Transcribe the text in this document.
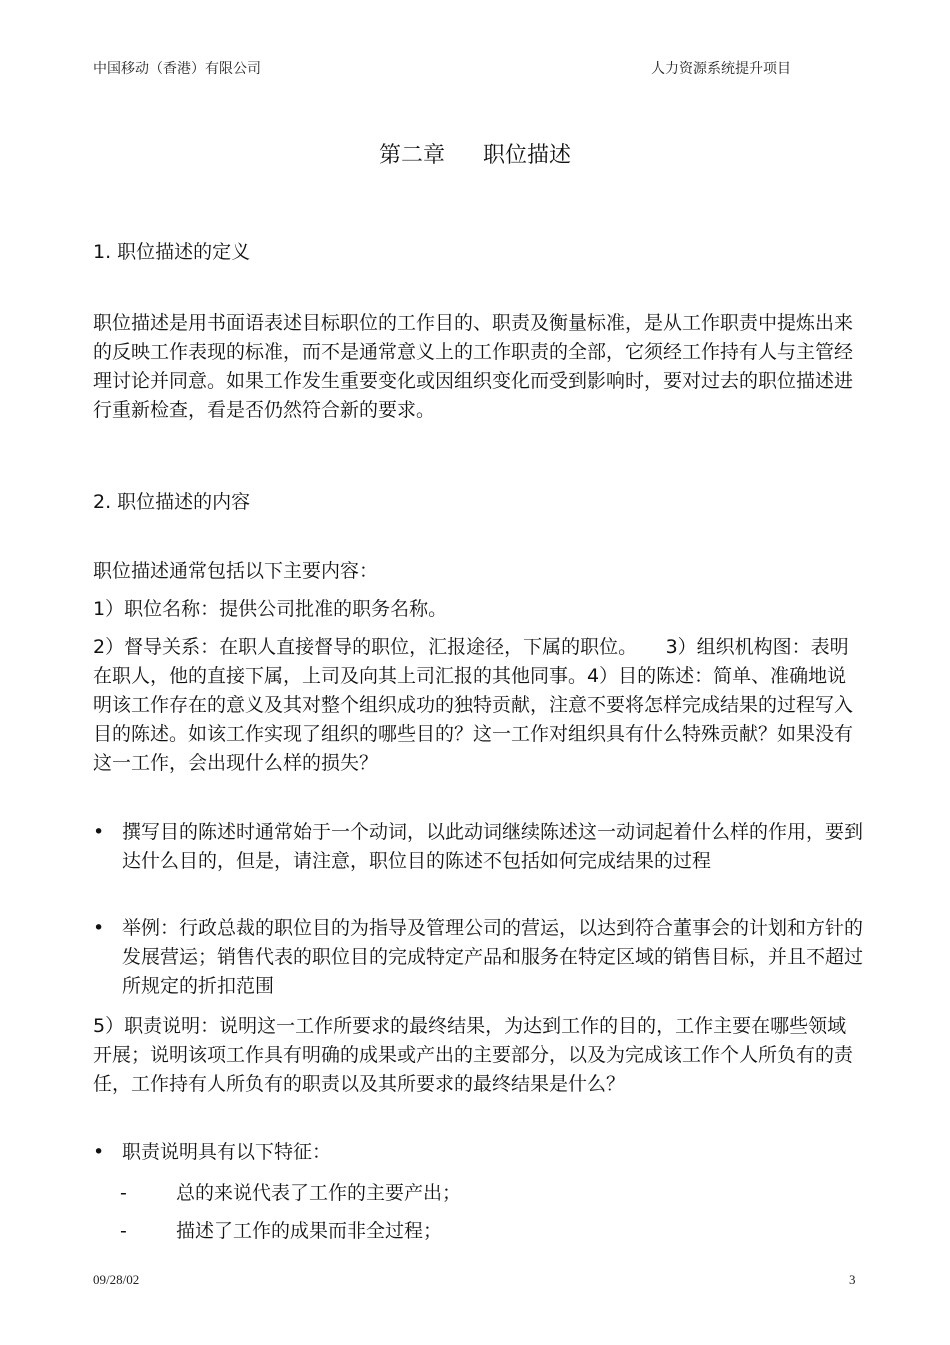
中国移动（香港）有限公司	人力资源系统提升项目
第二章 职位描述
1. 职位描述的定义

职位描述是用书面语表述目标职位的工作目的、职责及衡量标准，是从工作职责中提炼出来的反映工作表现的标准，而不是通常意义上的工作职责的全部，它须经工作持有人与主管经理讨论并同意。如果工作发生重要变化或因组织变化而受到影响时，要对过去的职位描述进行重新检查，看是否仍然符合新的要求。

2. 职位描述的内容

职位描述通常包括以下主要内容：

1）职位名称：提供公司批准的职务名称。

2）督导关系：在职人直接督导的职位，汇报途径，下属的职位。　　3）组织机构图：表明在职人，他的直接下属，上司及向其上司汇报的其他同事。4）目的陈述：简单、准确地说明该工作存在的意义及其对整个组织成功的独特贡献，注意不要将怎样完成结果的过程写入目的陈述。如该工作实现了组织的哪些目的？这一工作对组织具有什么特殊贡献？如果没有这一工作，会出现什么样的损失？

• 撰写目的陈述时通常始于一个动词，以此动词继续陈述这一动词起着什么样的作用，要到达什么目的，但是，请注意，职位目的陈述不包括如何完成结果的过程
• 举例：行政总裁的职位目的为指导及管理公司的营运，以达到符合董事会的计划和方针的发展营运；销售代表的职位目的完成特定产品和服务在特定区域的销售目标，并且不超过所规定的折扣范围

5）职责说明：说明这一工作所要求的最终结果，为达到工作的目的，工作主要在哪些领域开展；说明该项工作具有明确的成果或产出的主要部分，以及为完成该工作个人所负有的责任，工作持有人所负有的职责以及其所要求的最终结果是什么？

• 职责说明具有以下特征：
-	总的来说代表了工作的主要产出；
-	描述了工作的成果而非全过程；
09/28/02	3
